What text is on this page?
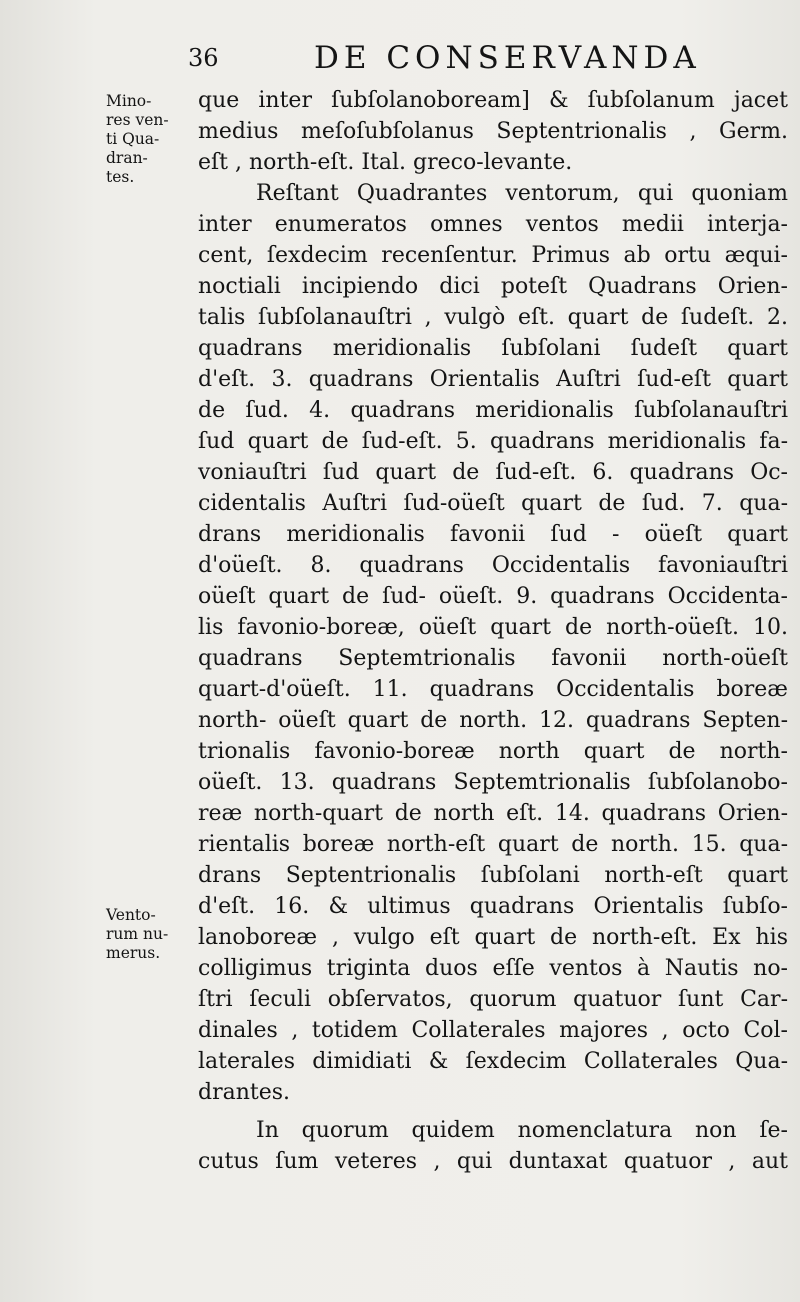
36	DE CONSERVANDA
Mino-
res ven-
ti Qua-
dran-
tes.
Vento-
rum nu-
merus.
que inter ſubſolanoboream] & ſubſolanum jacet
medius meſoſubſolanus Septentrionalis , Germ.
eſt , north-eſt. Ital. greco-levante.
Reſtant Quadrantes ventorum, qui quoniam
inter enumeratos omnes ventos medii interja-
cent, ſexdecim recenſentur. Primus ab ortu æqui-
noctiali incipiendo dici poteſt Quadrans Orien-
talis ſubſolanauſtri , vulgò eſt. quart de ſudeſt. 2.
quadrans meridionalis ſubſolani ſudeſt quart
d'eſt. 3. quadrans Orientalis Auſtri ſud-eſt quart
de ſud. 4. quadrans meridionalis ſubſolanauſtri
ſud quart de ſud-eſt. 5. quadrans meridionalis fa-
voniauſtri ſud quart de ſud-eſt. 6. quadrans Oc-
cidentalis Auſtri ſud-oüeſt quart de ſud. 7. qua-
drans meridionalis favonii ſud - oüeſt quart
d'oüeſt. 8. quadrans Occidentalis favoniauſtri
oüeſt quart de ſud- oüeſt. 9. quadrans Occidenta-
lis favonio-boreæ, oüeſt quart de north-oüeſt. 10.
quadrans Septemtrionalis favonii north-oüeſt
quart-d'oüeſt. 11. quadrans Occidentalis boreæ
north- oüeſt quart de north. 12. quadrans Septen-
trionalis favonio-boreæ north quart de north-
oüeſt. 13. quadrans Septemtrionalis ſubſolanobo-
reæ north-quart de north eſt. 14. quadrans Orien-
rientalis boreæ north-eſt quart de north. 15. qua-
drans Septentrionalis ſubſolani north-eſt quart
d'eſt. 16. & ultimus quadrans Orientalis ſubſo-
lanoboreæ , vulgo eſt quart de north-eſt. Ex his
colligimus triginta duos eſſe ventos à Nautis no-
ſtri ſeculi obſervatos, quorum quatuor ſunt Car-
dinales , totidem Collaterales majores , octo Col-
laterales dimidiati & ſexdecim Collaterales Qua-
drantes.
In quorum quidem nomenclatura non ſe-
cutus ſum veteres , qui duntaxat quatuor , aut
